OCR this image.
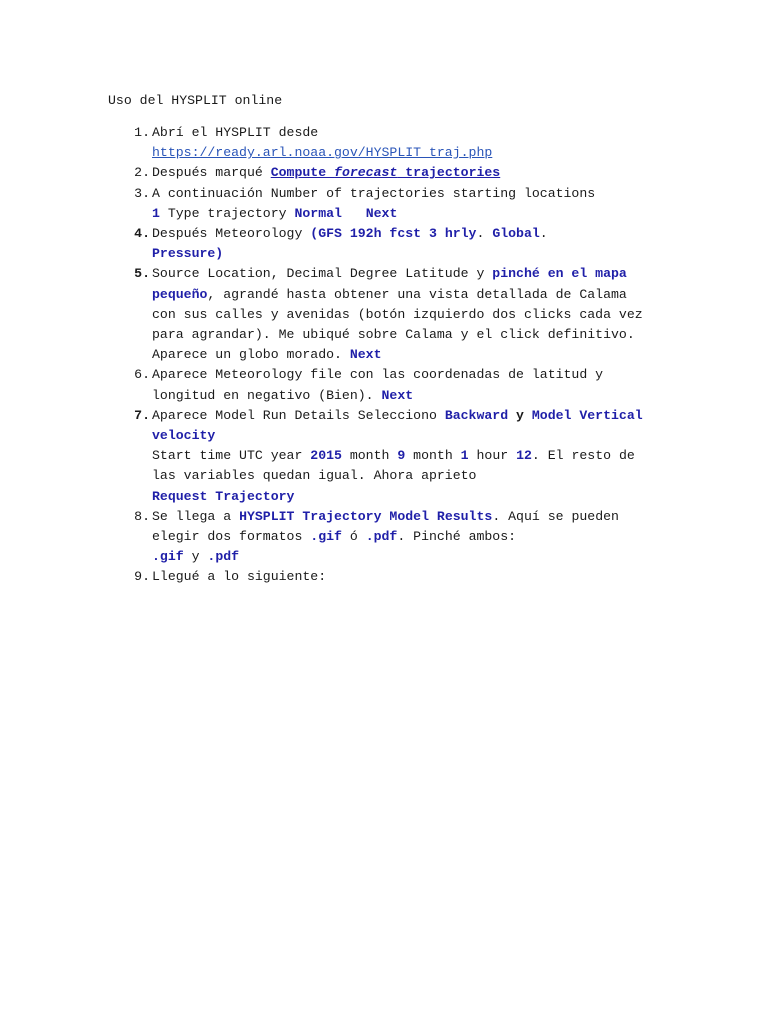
Uso del HYSPLIT online
1. Abrí el HYSPLIT desde
https://ready.arl.noaa.gov/HYSPLIT_traj.php
2. Después marqué Compute forecast trajectories
3. A continuación Number of trajectories starting locations
1 Type trajectory Normal Next
4. Después Meteorology (GFS 192h fcst 3 hrly. Global.
Pressure)
5. Source Location, Decimal Degree Latitude y pinché en el mapa pequeño, agrandé hasta obtener una vista detallada de Calama con sus calles y avenidas (botón izquierdo dos clicks cada vez para agrandar). Me ubiqué sobre Calama y el click definitivo. Aparece un globo morado. Next
6. Aparece Meteorology file con las coordenadas de latitud y longitud en negativo (Bien). Next
7. Aparece Model Run Details Selecciono Backward y Model Vertical velocity
Start time UTC year 2015 month 9 month 1 hour 12. El resto de las variables quedan igual. Ahora aprieto
Request Trajectory
8. Se llega a HYSPLIT Trajectory Model Results. Aquí se pueden elegir dos formatos .gif ó .pdf. Pinché ambos:
.gif y .pdf
9. Llegué a lo siguiente:
